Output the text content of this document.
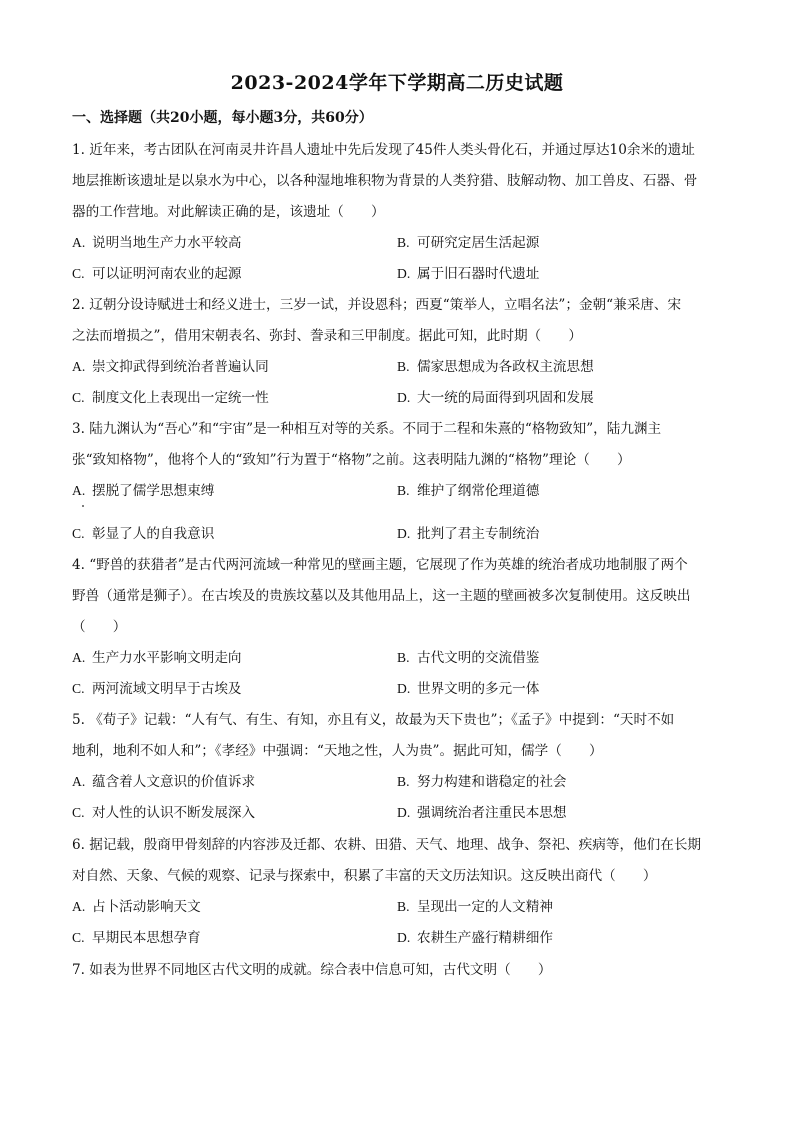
2023-2024学年下学期高二历史试题
一、选择题（共20小题，每小题3分，共60分）
1. 近年来，考古团队在河南灵井许昌人遗址中先后发现了45件人类头骨化石，并通过厚达10余米的遗址
地层推断该遗址是以泉水为中心，以各种湿地堆积物为背景的人类狩猎、肢解动物、加工兽皮、石器、骨
器的工作营地。对此解读正确的是，该遗址（　　）
A. 说明当地生产力水平较高	B. 可研究定居生活起源
C. 可以证明河南农业的起源	D. 属于旧石器时代遗址
2. 辽朝分设诗赋进士和经义进士，三岁一试，并设恩科；西夏“策举人，立唱名法”；金朝“兼采唐、宋
之法而增损之”，借用宋朝表名、弥封、誊录和三甲制度。据此可知，此时期（　　）
A. 崇文抑武得到统治者普遍认同	B. 儒家思想成为各政权主流思想
C. 制度文化上表现出一定统一性	D. 大一统的局面得到巩固和发展
3. 陆九渊认为“吾心”和“宇宙”是一种相互对等的关系。不同于二程和朱熹的“格物致知”，陆九渊主
张“致知格物”，他将个人的“致知”行为置于“格物”之前。这表明陆九渊的“格物”理论（　　）
A. 摆脱了儒学思想束缚	B. 维护了纲常伦理道德
C. 彰显了人的自我意识	D. 批判了君主专制统治
4. “野兽的获猎者”是古代两河流域一种常见的壁画主题，它展现了作为英雄的统治者成功地制服了两个
野兽（通常是狮子）。在古埃及的贵族坟墓以及其他用品上，这一主题的壁画被多次复制使用。这反映出
（　　）
A. 生产力水平影响文明走向	B. 古代文明的交流借鉴
C. 两河流域文明早于古埃及	D. 世界文明的多元一体
5. 《荀子》记载：“人有气、有生、有知，亦且有义，故最为天下贵也”；《孟子》中提到：“天时不如
地利，地利不如人和”；《孝经》中强调：“天地之性，人为贵”。据此可知，儒学（　　）
A. 蕴含着人文意识的价值诉求	B. 努力构建和谐稳定的社会
C. 对人性的认识不断发展深入	D. 强调统治者注重民本思想
6. 据记载，殷商甲骨刻辞的内容涉及迁都、农耕、田猎、天气、地理、战争、祭祀、疾病等，他们在长期
对自然、天象、气候的观察、记录与探索中，积累了丰富的天文历法知识。这反映出商代（　　）
A. 占卜活动影响天文	B. 呈现出一定的人文精神
C. 早期民本思想孕育	D. 农耕生产盛行精耕细作
7. 如表为世界不同地区古代文明的成就。综合表中信息可知，古代文明（　　）
